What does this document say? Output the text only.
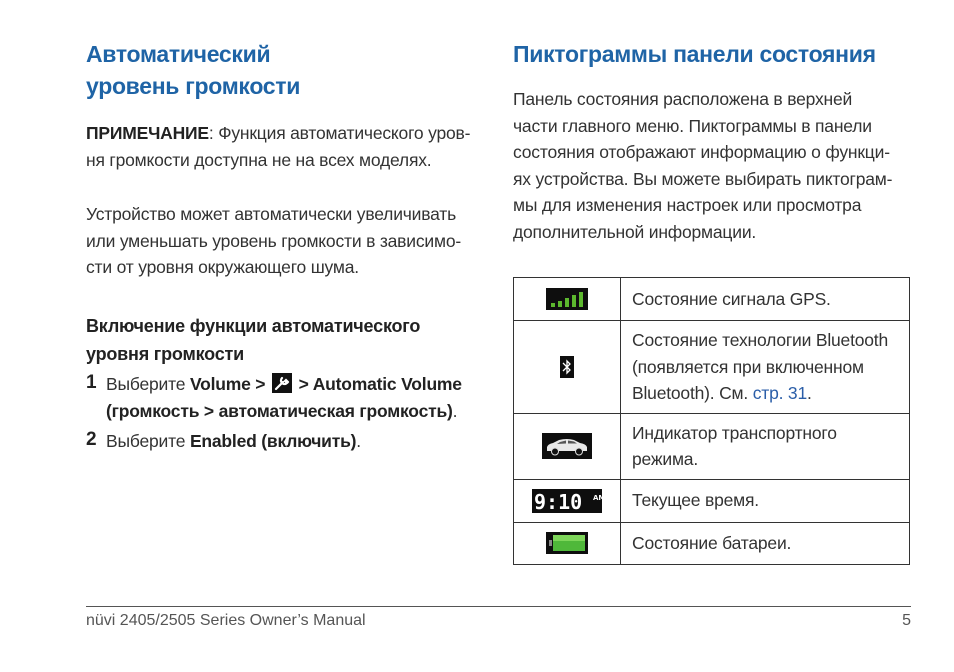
Автоматический
уровень громкости

ПРИМЕЧАНИЕ: Функция автоматического уров-
ня громкости доступна не на всех моделях.

Устройство может автоматически увеличивать
или уменьшать уровень громкости в зависимо-
сти от уровня окружающего шума.

Включение функции автоматического
уровня громкости
1 Выберите Volume >
> Automatic Volume
(громкость > автоматическая громкость).
2 Выберите Enabled (включить).
Пиктограммы панели состояния

Панель состояния расположена в верхней
части главного меню. Пиктограммы в панели
состояния отображают информацию о функци-
ях устройства. Вы можете выбирать пиктограм-
мы для изменения настроек или просмотра
дополнительной информации.

Состояние сигнала GPS.

Состояние технологии Bluetooth
(появляется при включенном
Bluetooth). См. стр. 31.

Индикатор транспортного
режима.

9:10 AM	Текущее время.

Состояние батареи.
nüvi 2405/2505 Series Owner’s Manual	5
